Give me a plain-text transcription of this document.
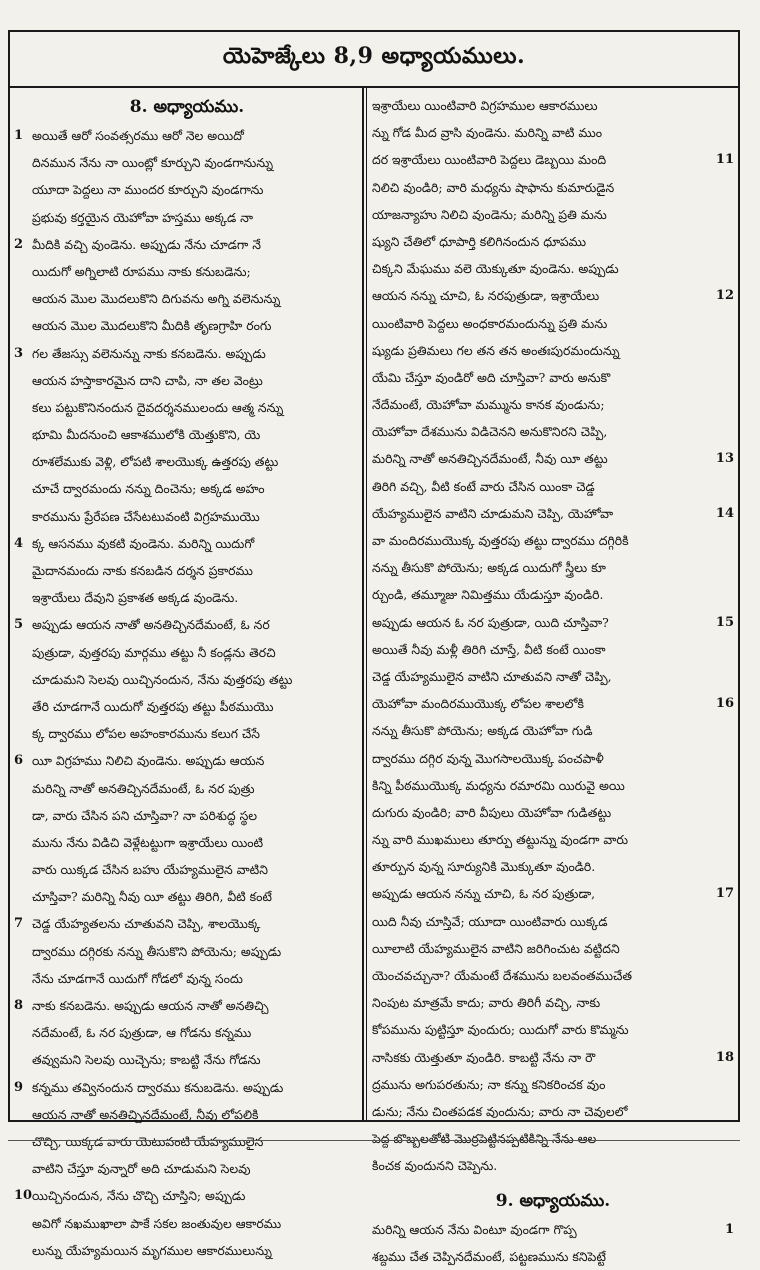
యెహెజ్కేలు 8,9 అధ్యాయములు.
8. అధ్యాయము.
1 అయితే ఆరో సంవత్సరము ఆరో నెల అయిదో
దినమున నేను నా యింట్లో కూర్చుని వుండగానున్ను
యూదా పెద్దలు నా ముందర కూర్చుని వుండగాను
ప్రభువు కర్తయైన యెహోవా హస్తము అక్కడ నా
2 మీదికి వచ్చి వుండెను. అప్పుడు నేను చూడగా నే
యిదుగో అగ్నిలాటి రూపము నాకు కనుబడెను;
ఆయన మొల మొదలుకొని దిగువను అగ్ని వలెనున్ను
ఆయన మొల మొదలుకొని మీదికి తృణగ్రాహి రంగు
3 గల తేజస్సు వలెనున్ను నాకు కనబడెను. అప్పుడు
ఆయన హస్తాకారమైన దాని చాపి, నా తల వెంట్రు
కలు పట్టుకొనినందున దైవదర్శనములందు ఆత్మ నన్ను
భూమి మీదనుంచి ఆకాశములోకి యెత్తుకొని, యె
రూశలేముకు వెళ్లి, లోపటి శాలయొక్క ఉత్తరపు తట్టు
చూచే ద్వారమందు నన్ను దించెను; అక్కడ అహం
కారమును ప్రేరేపణ చేసేటటువంటి విగ్రహముయొ
4 క్క ఆసనము వుకటి వుండెను. మరిన్ని యిదుగో
మైదానమందు నాకు కనబడిన దర్శన ప్రకారము
ఇశ్రాయేలు దేవుని ప్రకాశత అక్కడ వుండెను.
5 అప్పుడు ఆయన నాతో అనతిచ్చినదేమంటే, ఓ నర
పుత్రుడా, వుత్తరపు మార్గము తట్టు నీ కండ్లను తెరచి
చూడుమని సెలవు యిచ్చినందున, నేను వుత్తరపు తట్టు
తేరి చూడగానే యిదుగో వుత్తరపు తట్టు పీఠముయొ
క్క ద్వారము లోపల అహంకారమును కలుగ చేసే
6 యీ విగ్రహము నిలిచి వుండెను. అప్పుడు ఆయన
మరిన్ని నాతో అనతిచ్చినదేమంటే, ఓ నర పుత్రు
డా, వారు చేసిన పని చూస్తివా? నా పరిశుద్ధ స్థల
మును నేను విడిచి వెళ్లేటట్టుగా ఇశ్రాయేలు యింటి
వారు యిక్కడ చేసిన బహు యేహ్యములైన వాటిని
చూస్తివా? మరిన్ని నీవు యీ తట్టు తిరిగి, వీటి కంటే
7 చెడ్డ యేహ్యతలను చూతువని చెప్పి, శాలయొక్క
ద్వారము దగ్గిరకు నన్ను తీసుకొని పోయెను; అప్పుడు
నేను చూడగానే యిదుగో గోడలో వున్న సందు
8 నాకు కనబడెను. అప్పుడు ఆయన నాతో అనతిచ్చి
నదేమంటే, ఓ నర పుత్రుడా, ఆ గోడను కన్నము
తవ్వుమని సెలవు యిచ్చెను; కాబట్టి నేను గోడను
9 కన్నము తవ్వినందున ద్వారము కనుబడెను. అప్పుడు
ఆయన నాతో అనతిచ్చినదేమంటే, నీవు లోపలికి
చొచ్చి, యిక్కడ వారు యెటువంటి యేహ్యములైన
వాటిని చేస్తూ వున్నారో అది చూడుమని సెలవు
10 యిచ్చినందున, నేను చొచ్చి చూస్తిని; అప్పుడు
అవిగో నఖముఖాలా పాకే సకల జంతువుల ఆకారము
లున్ను యేహ్యమయిన మృగముల ఆకారములున్ను
ఇశ్రాయేలు యింటివారి విగ్రహముల ఆకారములు
న్ను గోడ మీద వ్రాసి వుండెను. మరిన్ని వాటి ముం
11
దర ఇశ్రాయేలు యింటివారి పెద్దలు డెబ్బయి మంది
నిలిచి వుండిరి; వారి మధ్యను షాఫాను కుమారుడైన
యాజన్యాహు నిలిచి వుండెను; మరిన్ని ప్రతి మను
ష్యుని చేతిలో ధూపార్తి కలిగినందున ధూపము
చిక్కని మేఘము వలె యెక్కుతూ వుండెను. అప్పుడు
12
ఆయన నన్ను చూచి, ఓ నరపుత్రుడా, ఇశ్రాయేలు
యింటివారి పెద్దలు అంధకారమందున్ను ప్రతి మను
ష్యుడు ప్రతిమలు గల తన తన అంతఃపురమందున్ను
యేమి చేస్తూ వుండిరో అది చూస్తివా? వారు అనుకొ
నేదేమంటే, యెహోవా మమ్మును కానక వుండును;
యెహోవా దేశమును విడిచెనని అనుకొనిరని చెప్పి,
13
మరిన్ని నాతో అనతిచ్చినదేమంటే, నీవు యీ తట్టు
తిరిగి వచ్చి, వీటి కంటే వారు చేసిన యింకా చెడ్డ
14
యేహ్యములైన వాటిని చూడుమని చెప్పి, యెహోవా
వా మందిరముయొక్క వుత్తరపు తట్టు ద్వారము దగ్గిరికి
నన్ను తీసుకొ పోయెను; అక్కడ యిదుగో స్త్రీలు కూ
ర్చుండి, తమ్మూజు నిమిత్తము యేడుస్తూ వుండిరి.
15
అప్పుడు ఆయన ఓ నర పుత్రుడా, యిది చూస్తివా?
అయితే నీవు మళ్లీ తిరిగి చూస్తే, వీటి కంటే యింకా
చెడ్డ యేహ్యములైన వాటిని చూతువని నాతో చెప్పి,
16
యెహోవా మందిరముయొక్క లోపల శాలలోకి
నన్ను తీసుకొ పోయెను; అక్కడ యెహోవా గుడి
ద్వారము దగ్గిర వున్న మొగసాలయొక్క పంచపాళీ
కిన్ని పీఠముయొక్క మధ్యను రమారమి యిరువై అయి
దుగురు వుండిరి; వారి వీపులు యెహోవా గుడితట్టు
న్ను వారి ముఖములు తూర్పు తట్టున్ను వుండగా వారు
తూర్పున వున్న సూర్యునికి మొక్కుతూ వుండిరి.
17
అప్పుడు ఆయన నన్ను చూచి, ఓ నర పుత్రుడా,
యిది నీవు చూస్తివే; యూదా యింటివారు యిక్కడ
యీలాటి యేహ్యములైన వాటిని జరిగించుట వట్టిదని
యెంచవచ్చునా? యేమంటే దేశమును బలవంతముచేత
నింపుట మాత్రమే కాదు; వారు తిరిగీ వచ్చి, నాకు
కోపమును పుట్టిస్తూ వుందురు; యిదుగో వారు కొమ్మను
18
నాసికకు యెత్తుతూ వుండిరి. కాబట్టి నేను నా రౌ
ద్రమును అగుపరతును; నా కన్ను కనికరించక వుం
డును; నేను చింతపడక వుందును; వారు నా చెవులలో
పెద్ద బొబ్బలతోటి మొర్రపెట్టినప్పటికిన్ని నేను ఆల
కించక వుందునని చెప్పెను.
9. అధ్యాయము.
1
మరిన్ని ఆయన నేను వింటూ వుండగా గొప్ప
శబ్దము చేత చెప్పినదేమంటే, పట్టణమును కనిపెట్టే
